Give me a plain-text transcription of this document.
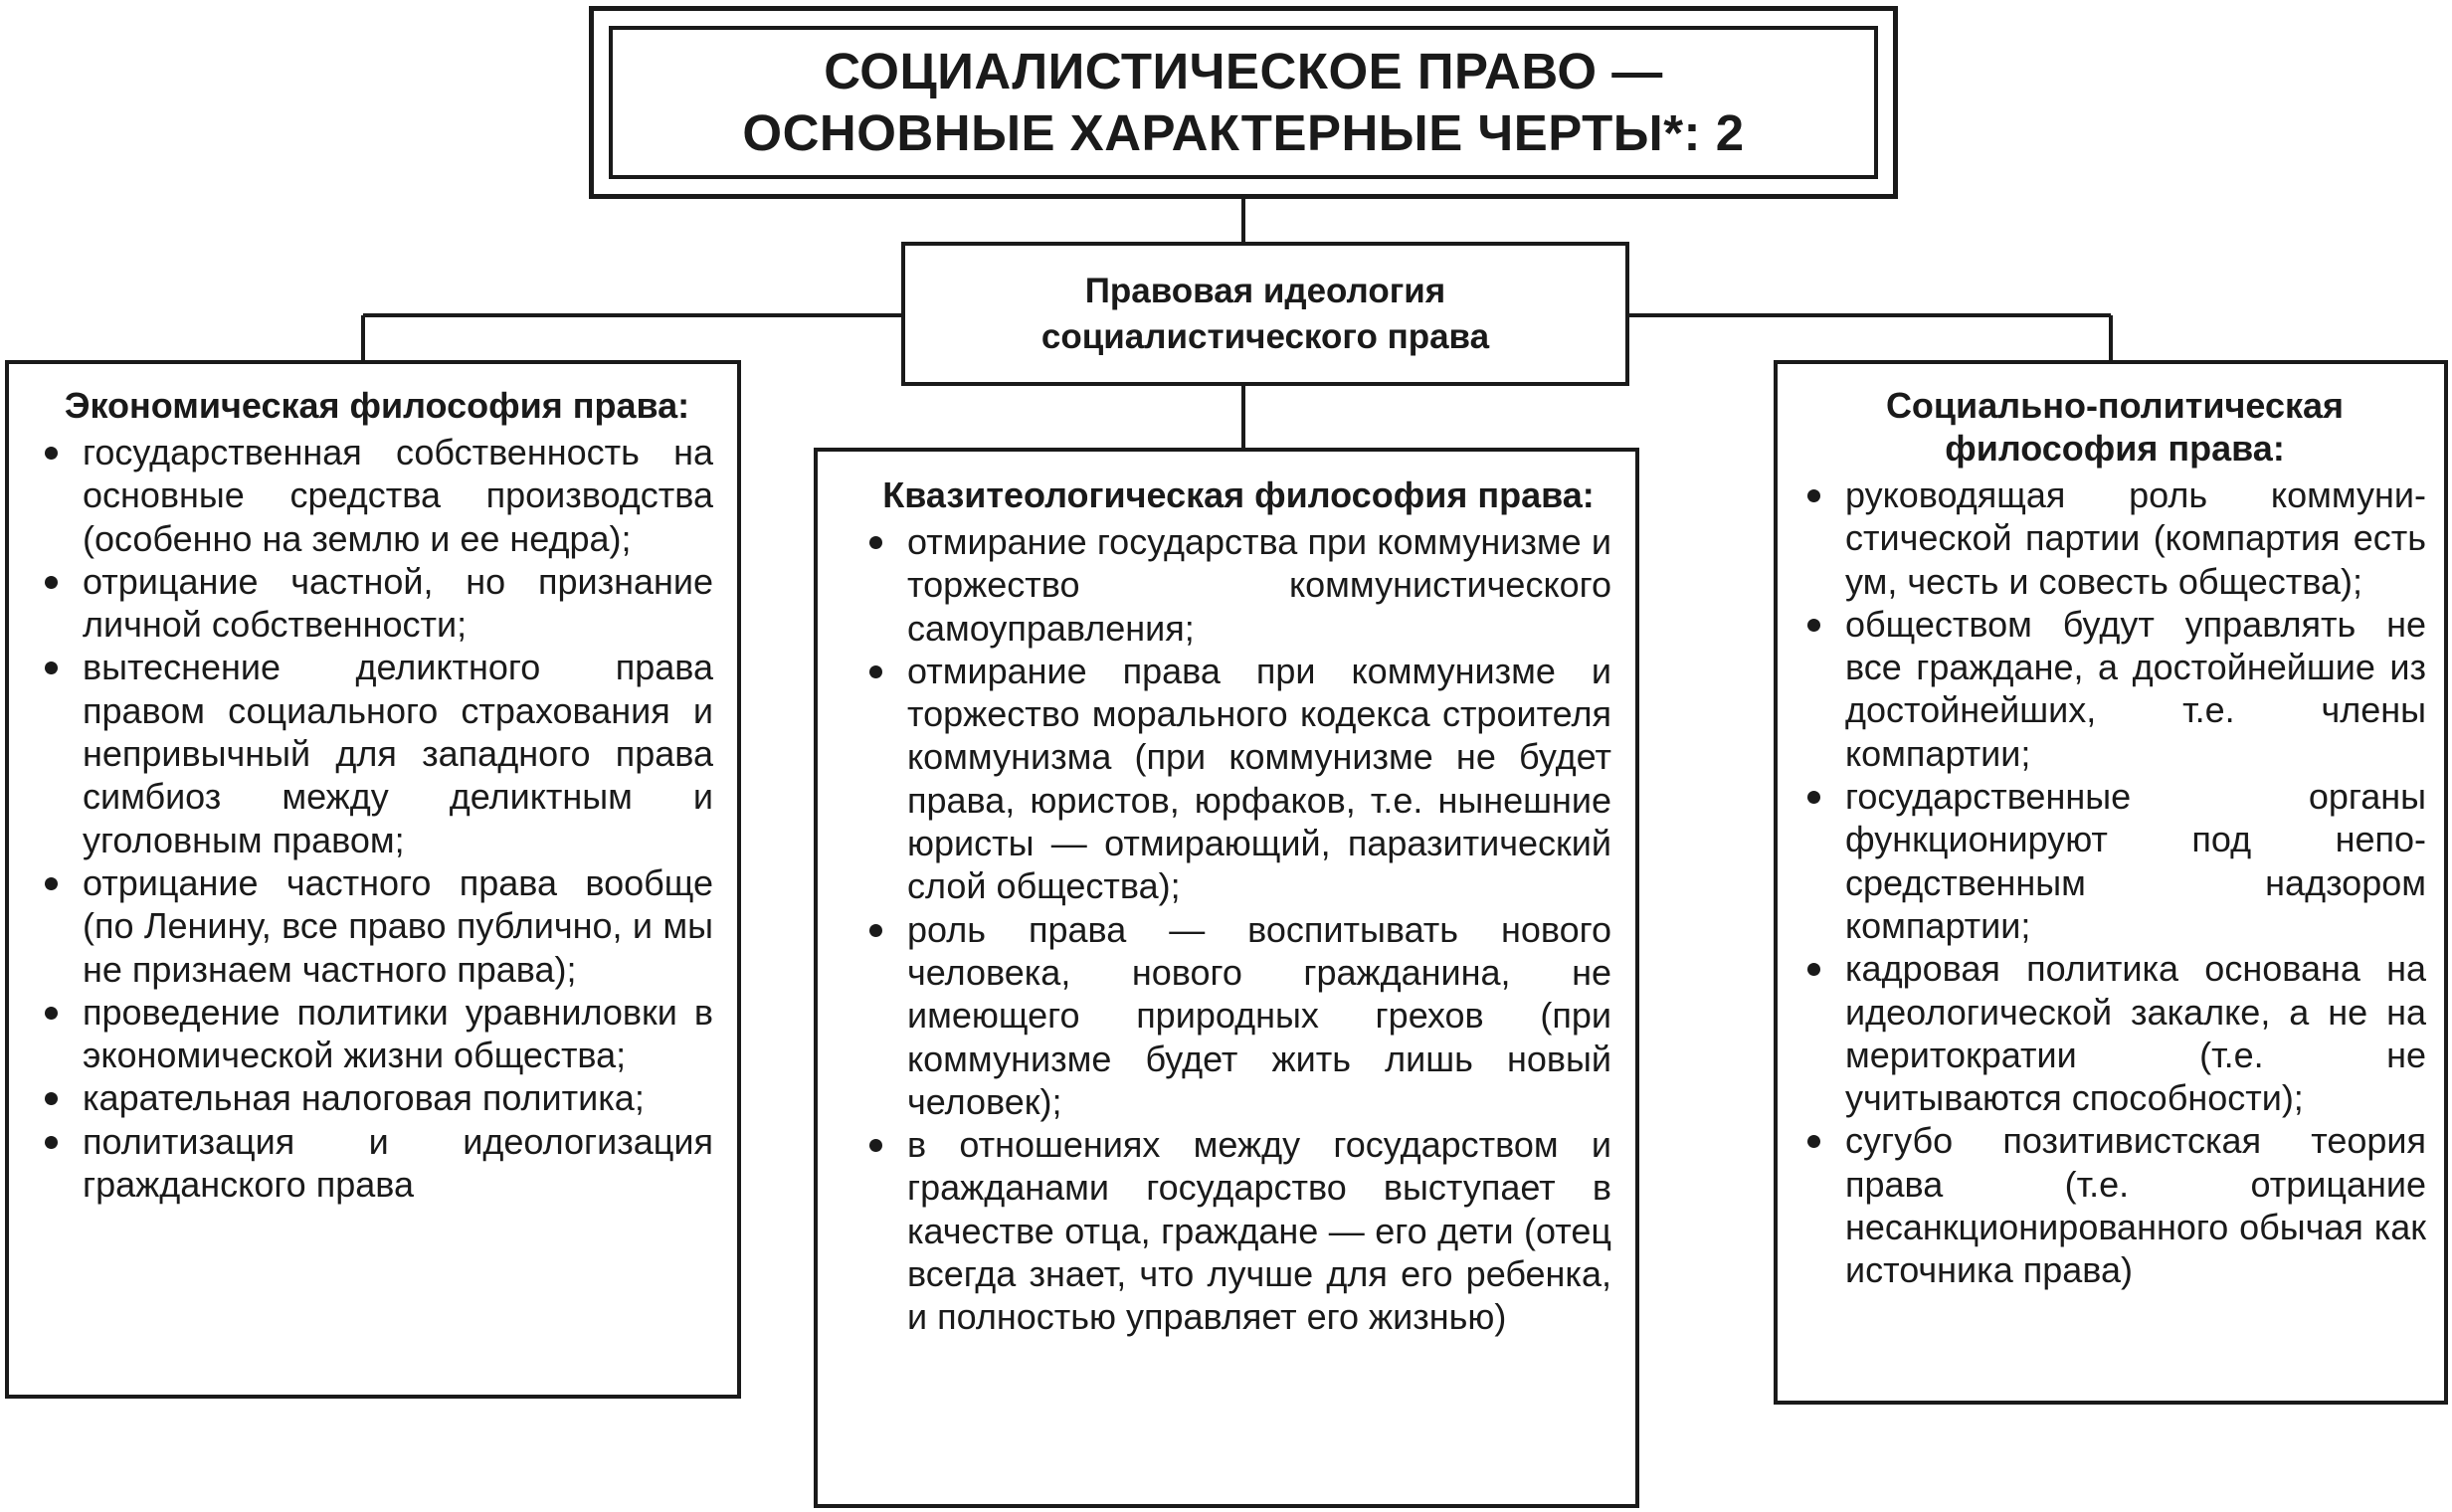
СОЦИАЛИСТИЧЕСКОЕ ПРАВО — ОСНОВНЫЕ ХАРАКТЕРНЫЕ ЧЕРТЫ*: 2

Правовая идеология социалистического права

Экономическая философия права:
государственная собственность на основные средства производства (особенно на землю и ее недра);
отрицание частной, но признание личной собственности;
вытеснение деликтного права правом социального страхования и непривычный для западного права симбиоз между деликтным и уголовным правом;
отрицание частного права вообще (по Ленину, все право публично, и мы не признаем частного права);
проведение политики уравниловки в экономической жизни общества;
карательная налоговая политика;
политизация и идеологизация гражданского права
Квазитеологическая философия права:
отмирание государства при коммунизме и торжество коммунистического самоуправления;
отмирание права при коммунизме и торжество морального кодекса строителя коммунизма (при коммунизме не будет права, юристов, юрфаков, т.е. нынешние юристы — отмирающий, паразитический слой общества);
роль права — воспитывать нового человека, нового гражданина, не имеющего природных грехов (при коммунизме будет жить лишь новый человек);
в отношениях между государством и гражданами государство выступает в качестве отца, граждане — его дети (отец всегда знает, что лучше для его ребенка, и полностью управляет его жизнью)
Социально-политическая философия права:
руководящая роль коммунистической партии (компартия есть ум, честь и совесть общества);
обществом будут управлять не все граждане, а достойнейшие из достойнейших, т.е. члены компартии;
государственные органы функционируют под непосредственным надзором компартии;
кадровая политика основана на идеологической закалке, а не на меритократии (т.е. не учитываются способности);
сугубо позитивистская теория права (т.е. отрицание несанкционированного обычая как источника права)
